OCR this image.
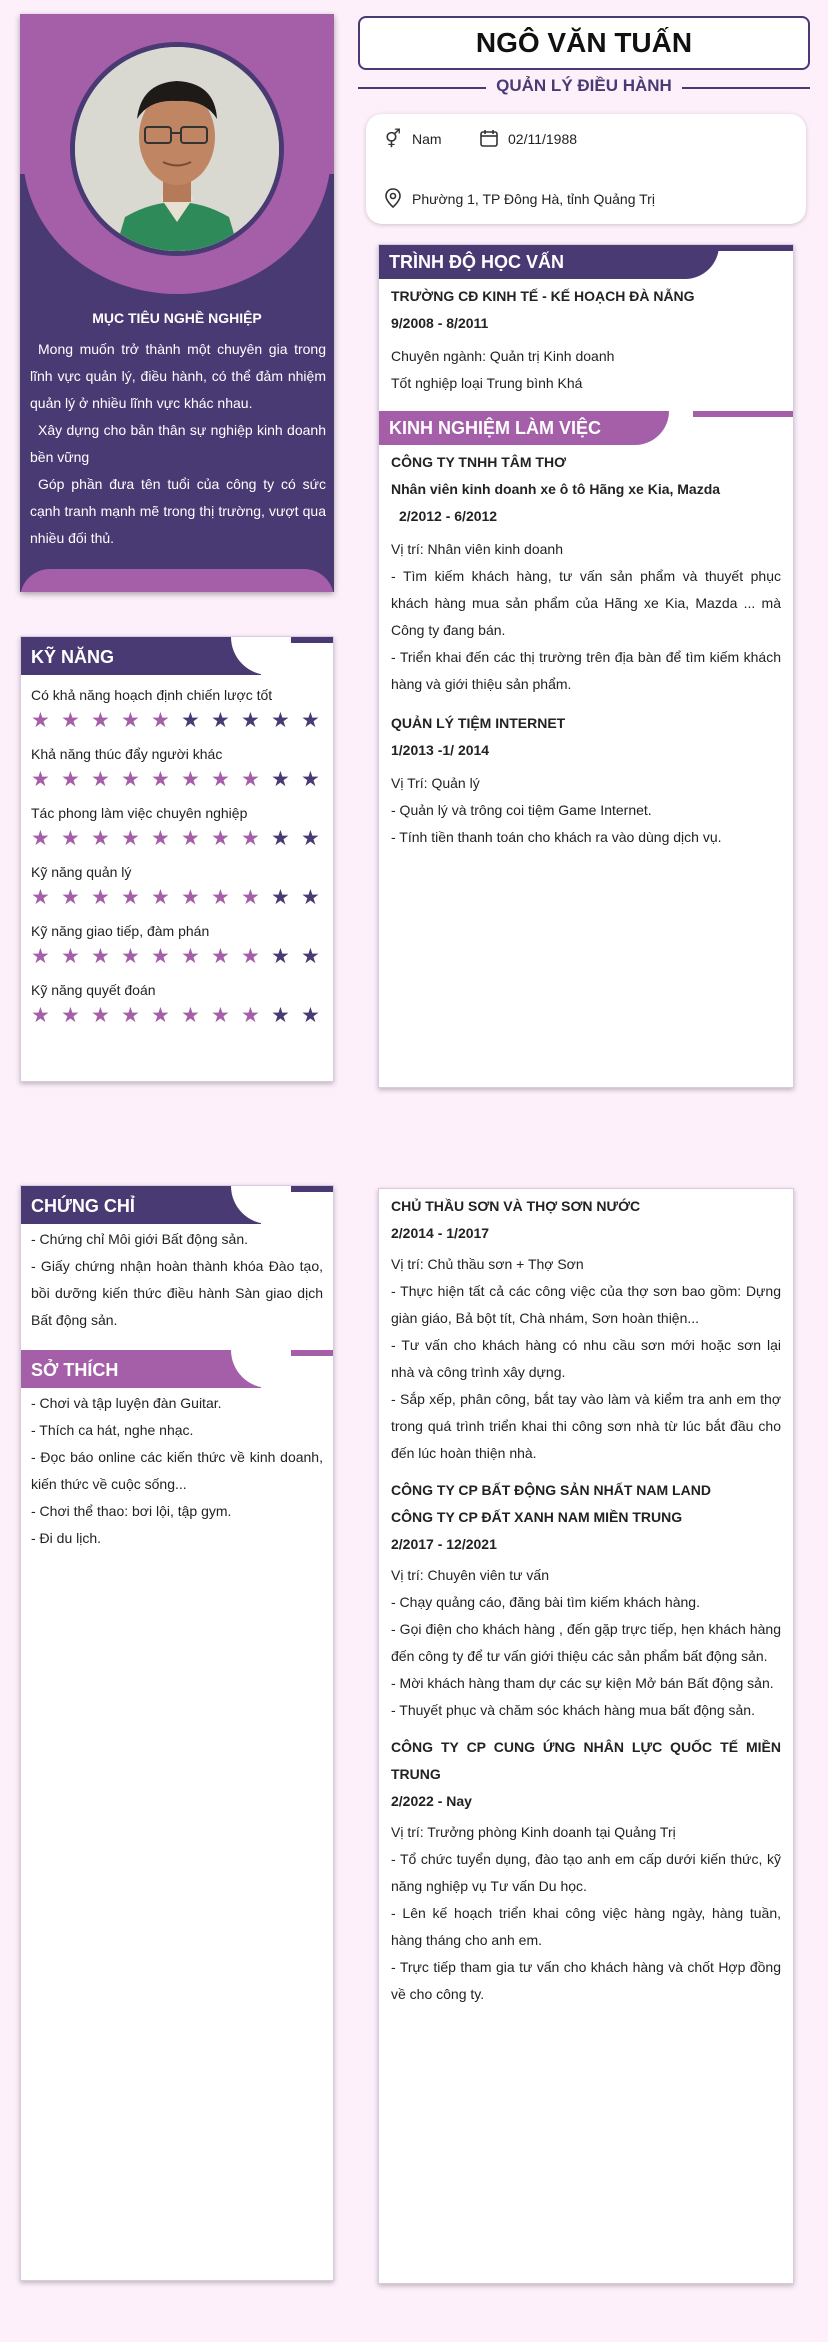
MỤC TIÊU NGHỀ NGHIỆP

Mong muốn trở thành một chuyên gia trong lĩnh vực quản lý, điều hành, có thể đảm nhiệm quản lý ở nhiều lĩnh vực khác nhau.

Xây dựng cho bản thân sự nghiệp kinh doanh bền vững

Góp phần đưa tên tuổi của công ty có sức cạnh tranh mạnh mẽ trong thị trường, vượt qua nhiều đối thủ.

KỸ NĂNG
Có khả năng hoạch định chiến lược tốt
★ ★ ★ ★ ★ ★ ★ ★ ★ ★
Khả năng thúc đẩy người khác
★ ★ ★ ★ ★ ★ ★ ★ ★ ★
Tác phong làm việc chuyên nghiệp
★ ★ ★ ★ ★ ★ ★ ★ ★ ★
Kỹ năng quản lý
★ ★ ★ ★ ★ ★ ★ ★ ★ ★
Kỹ năng giao tiếp, đàm phán
★ ★ ★ ★ ★ ★ ★ ★ ★ ★
Kỹ năng quyết đoán
★ ★ ★ ★ ★ ★ ★ ★ ★ ★
NGÔ VĂN TUẤN
QUẢN LÝ ĐIỀU HÀNH
⚥ Nam	02/11/1988
Phường 1, TP Đông Hà, tỉnh Quảng Trị
TRÌNH ĐỘ HỌC VẤN
TRƯỜNG CĐ KINH TẾ - KẾ HOẠCH ĐÀ NẴNG
9/2008 - 8/2011
Chuyên ngành: Quản trị Kinh doanh
Tốt nghiệp loại Trung bình Khá
KINH NGHIỆM LÀM VIỆC
CÔNG TY TNHH TÂM THƠ
Nhân viên kinh doanh xe ô tô Hãng xe Kia, Mazda
2/2012 - 6/2012
Vị trí: Nhân viên kinh doanh
- Tìm kiếm khách hàng, tư vấn sản phẩm và thuyết phục khách hàng mua sản phẩm của Hãng xe Kia, Mazda ... mà Công ty đang bán.
- Triển khai đến các thị trường trên địa bàn để tìm kiếm khách hàng và giới thiệu sản phẩm.
QUẢN LÝ TIỆM INTERNET
1/2013 -1/ 2014
Vị Trí: Quản lý
- Quản lý và trông coi tiệm Game Internet.
- Tính tiền thanh toán cho khách ra vào dùng dịch vụ.
CHỨNG CHỈ
- Chứng chỉ Môi giới Bất động sản.
- Giấy chứng nhận hoàn thành khóa Đào tạo, bồi dưỡng kiến thức điều hành Sàn giao dịch Bất động sản.
SỞ THÍCH
- Chơi và tập luyện đàn Guitar.
- Thích ca hát, nghe nhạc.
- Đọc báo online các kiến thức về kinh doanh, kiến thức về cuộc sống...
- Chơi thể thao: bơi lội, tập gym.
- Đi du lịch.
CHỦ THẦU SƠN VÀ THỢ SƠN NƯỚC
2/2014 - 1/2017
Vị trí: Chủ thầu sơn + Thợ Sơn
- Thực hiện tất cả các công việc của thợ sơn bao gồm: Dựng giàn giáo, Bả bột tít, Chà nhám, Sơn hoàn thiện...
- Tư vấn cho khách hàng có nhu cầu sơn mới hoặc sơn lại nhà và công trình xây dựng.
- Sắp xếp, phân công, bắt tay vào làm và kiểm tra anh em thợ trong quá trình triển khai thi công sơn nhà từ lúc bắt đầu cho đến lúc hoàn thiện nhà.
CÔNG TY CP BẤT ĐỘNG SẢN NHẤT NAM LAND
CÔNG TY CP ĐẤT XANH NAM MIỀN TRUNG
2/2017 - 12/2021
Vị trí: Chuyên viên tư vấn
- Chạy quảng cáo, đăng bài tìm kiếm khách hàng.
- Gọi điện cho khách hàng , đến gặp trực tiếp, hẹn khách hàng đến công ty để tư vấn giới thiệu các sản phẩm bất động sản.
- Mời khách hàng tham dự các sự kiện Mở bán Bất động sản.
- Thuyết phục và chăm sóc khách hàng mua bất động sản.
CÔNG TY CP CUNG ỨNG NHÂN LỰC QUỐC TẾ MIỀN TRUNG
2/2022 - Nay
Vị trí: Trưởng phòng Kinh doanh tại Quảng Trị
- Tổ chức tuyển dụng, đào tạo anh em cấp dưới kiến thức, kỹ năng nghiệp vụ Tư vấn Du học.
- Lên kế hoạch triển khai công việc hàng ngày, hàng tuần, hàng tháng cho anh em.
- Trực tiếp tham gia tư vấn cho khách hàng và chốt Hợp đồng về cho công ty.
